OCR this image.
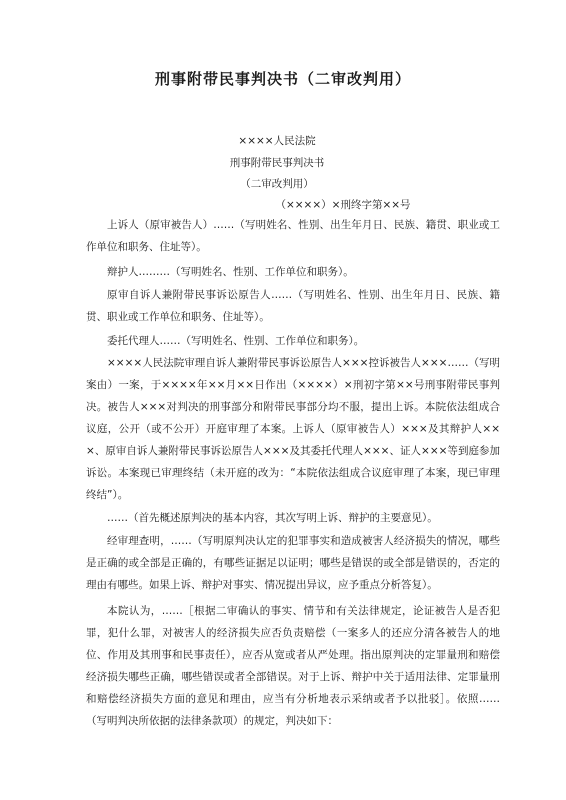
刑事附带民事判决书（二审改判用）
××××人民法院
刑事附带民事判决书
（二审改判用）
（××××）×刑终字第××号

上诉人（原审被告人）……（写明姓名、性别、出生年月日、民族、籍贯、职业或工作单位和职务、住址等）。

辩护人………（写明姓名、性别、工作单位和职务）。

原审自诉人兼附带民事诉讼原告人……（写明姓名、性别、出生年月日、民族、籍贯、职业或工作单位和职务、住址等）。

委托代理人……（写明姓名、性别、工作单位和职务）。

××××人民法院审理自诉人兼附带民事诉讼原告人×××控诉被告人×××……（写明案由）一案，于××××年××月××日作出（××××）×刑初字第××号刑事附带民事判决。被告人×××对判决的刑事部分和附带民事部分均不服，提出上诉。本院依法组成合议庭，公开（或不公开）开庭审理了本案。上诉人（原审被告人）×××及其辩护人×××、原审自诉人兼附带民事诉讼原告人×××及其委托代理人×××、证人×××等到庭参加诉讼。本案现已审理终结（未开庭的改为：“本院依法组成合议庭审理了本案，现已审理终结”）。

……（首先概述原判决的基本内容，其次写明上诉、辩护的主要意见）。

经审理查明，……（写明原判决认定的犯罪事实和造成被害人经济损失的情况，哪些是正确的或全部是正确的，有哪些证据足以证明；哪些是错误的或全部是错误的，否定的理由有哪些。如果上诉、辩护对事实、情况提出异议，应予重点分析答复）。

本院认为，……［根据二审确认的事实、情节和有关法律规定，论证被告人是否犯罪，犯什么罪，对被害人的经济损失应否负责赔偿（一案多人的还应分清各被告人的地位、作用及其刑事和民事责任），应否从宽或者从严处理。指出原判决的定罪量刑和赔偿经济损失哪些正确，哪些错误或者全部错误。对于上诉、辩护中关于适用法律、定罪量刑和赔偿经济损失方面的意见和理由，应当有分析地表示采纳或者予以批驳］。依照……（写明判决所依据的法律条款项）的规定，判决如下：
